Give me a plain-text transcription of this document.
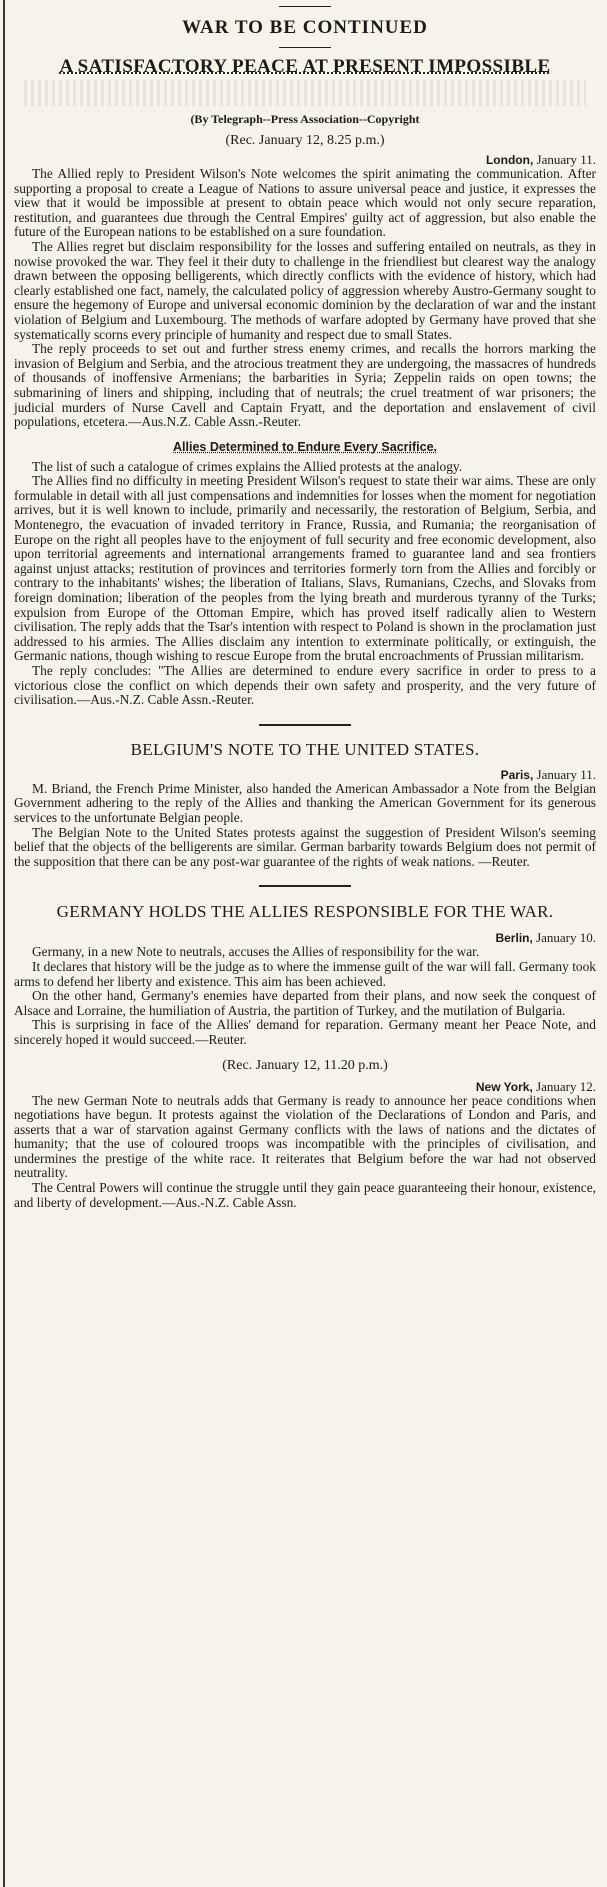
WAR TO BE CONTINUED
A SATISFACTORY PEACE AT PRESENT IMPOSSIBLE
(By Telegraph--Press Association--Copyright
(Rec. January 12, 8.25 p.m.)
London, January 11.

The Allied reply to President Wilson's Note welcomes the spirit animating the communication. After supporting a proposal to create a League of Nations to assure universal peace and justice, it expresses the view that it would be impossible at present to obtain peace which would not only secure reparation, restitution, and guarantees due through the Central Empires' guilty act of aggression, but also enable the future of the European nations to be established on a sure foundation.

The Allies regret but disclaim responsibility for the losses and suffering entailed on neutrals, as they in nowise provoked the war. They feel it their duty to challenge in the friendliest but clearest way the analogy drawn between the opposing belligerents, which directly conflicts with the evidence of history, which had clearly established one fact, namely, the calculated policy of aggression whereby Austro-Germany sought to ensure the hegemony of Europe and universal economic dominion by the declaration of war and the instant violation of Belgium and Luxembourg. The methods of warfare adopted by Germany have proved that she systematically scorns every principle of humanity and respect due to small States.

The reply proceeds to set out and further stress enemy crimes, and recalls the horrors marking the invasion of Belgium and Serbia, and the atrocious treatment they are undergoing, the massacres of hundreds of thousands of inoffensive Armenians; the barbarities in Syria; Zeppelin raids on open towns; the submarining of liners and shipping, including that of neutrals; the cruel treatment of war prisoners; the judicial murders of Nurse Cavell and Captain Fryatt, and the deportation and enslavement of civil populations, etcetera.—Aus.N.Z. Cable Assn.-Reuter.

Allies Determined to Endure Every Sacrifice.

The list of such a catalogue of crimes explains the Allied protests at the analogy.

The Allies find no difficulty in meeting President Wilson's request to state their war aims. These are only formulable in detail with all just compensations and indemnities for losses when the moment for negotiation arrives, but it is well known to include, primarily and necessarily, the restoration of Belgium, Serbia, and Montenegro, the evacuation of invaded territory in France, Russia, and Rumania; the reorganisation of Europe on the right all peoples have to the enjoyment of full security and free economic development, also upon territorial agreements and international arrangements framed to guarantee land and sea frontiers against unjust attacks; restitution of provinces and territories formerly torn from the Allies and forcibly or contrary to the inhabitants' wishes; the liberation of Italians, Slavs, Rumanians, Czechs, and Slovaks from foreign domination; liberation of the peoples from the lying breath and murderous tyranny of the Turks; expulsion from Europe of the Ottoman Empire, which has proved itself radically alien to Western civilisation. The reply adds that the Tsar's intention with respect to Poland is shown in the proclamation just addressed to his armies. The Allies disclaim any intention to exterminate politically, or extinguish, the Germanic nations, though wishing to rescue Europe from the brutal encroachments of Prussian militarism.

The reply concludes: "The Allies are determined to endure every sacrifice in order to press to a victorious close the conflict on which depends their own safety and prosperity, and the very future of civilisation.—Aus.-N.Z. Cable Assn.-Reuter.

BELGIUM'S NOTE TO THE UNITED STATES.
Paris, January 11.

M. Briand, the French Prime Minister, also handed the American Ambassador a Note from the Belgian Government adhering to the reply of the Allies and thanking the American Government for its generous services to the unfortunate Belgian people.

The Belgian Note to the United States protests against the suggestion of President Wilson's seeming belief that the objects of the belligerents are similar. German barbarity towards Belgium does not permit of the supposition that there can be any post-war guarantee of the rights of weak nations. —Reuter.

GERMANY HOLDS THE ALLIES RESPONSIBLE FOR THE WAR.
Berlin, January 10.

Germany, in a new Note to neutrals, accuses the Allies of responsibility for the war.

It declares that history will be the judge as to where the immense guilt of the war will fall. Germany took arms to defend her liberty and existence. This aim has been achieved.

On the other hand, Germany's enemies have departed from their plans, and now seek the conquest of Alsace and Lorraine, the humiliation of Austria, the partition of Turkey, and the mutilation of Bulgaria.

This is surprising in face of the Allies' demand for reparation. Germany meant her Peace Note, and sincerely hoped it would succeed.—Reuter.

(Rec. January 12, 11.20 p.m.)
New York, January 12.

The new German Note to neutrals adds that Germany is ready to announce her peace conditions when negotiations have begun. It protests against the violation of the Declarations of London and Paris, and asserts that a war of starvation against Germany conflicts with the laws of nations and the dictates of humanity; that the use of coloured troops was incompatible with the principles of civilisation, and undermines the prestige of the white race. It reiterates that Belgium before the war had not observed neutrality.

The Central Powers will continue the struggle until they gain peace guaranteeing their honour, existence, and liberty of development.—Aus.-N.Z. Cable Assn.
